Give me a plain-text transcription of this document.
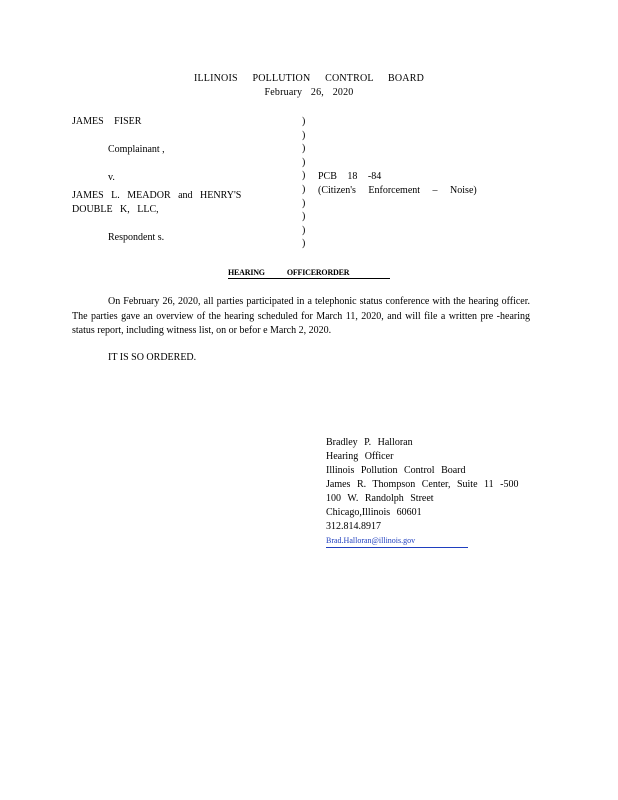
ILLINOIS POLLUTION CONTROL BOARD
February 26, 2020
JAMES FISER
Complainant ,
v.
JAMES L. MEADOR and HENRY'S
DOUBLE K, LLC,
Respondent s.
)
)
)
)
)
)
)
)
)
)
PCB 18 -84
(Citizen's Enforcement – Noise)
HEARING	OFFICERORDER
On February 26, 2020, all parties participated in a telephonic status conference with the hearing officer. The parties gave an overview of the hearing scheduled for March 11, 2020, and will file a written pre -hearing status report, including witness list, on or befor e March 2, 2020.
IT IS SO ORDERED.
Bradley P. Halloran
Hearing Officer
Illinois Pollution Control Board
James R. Thompson Center, Suite 11 -500
100 W. Randolph Street
Chicago,Illinois 60601
312.814.8917
Brad.Halloran@illinois.gov
